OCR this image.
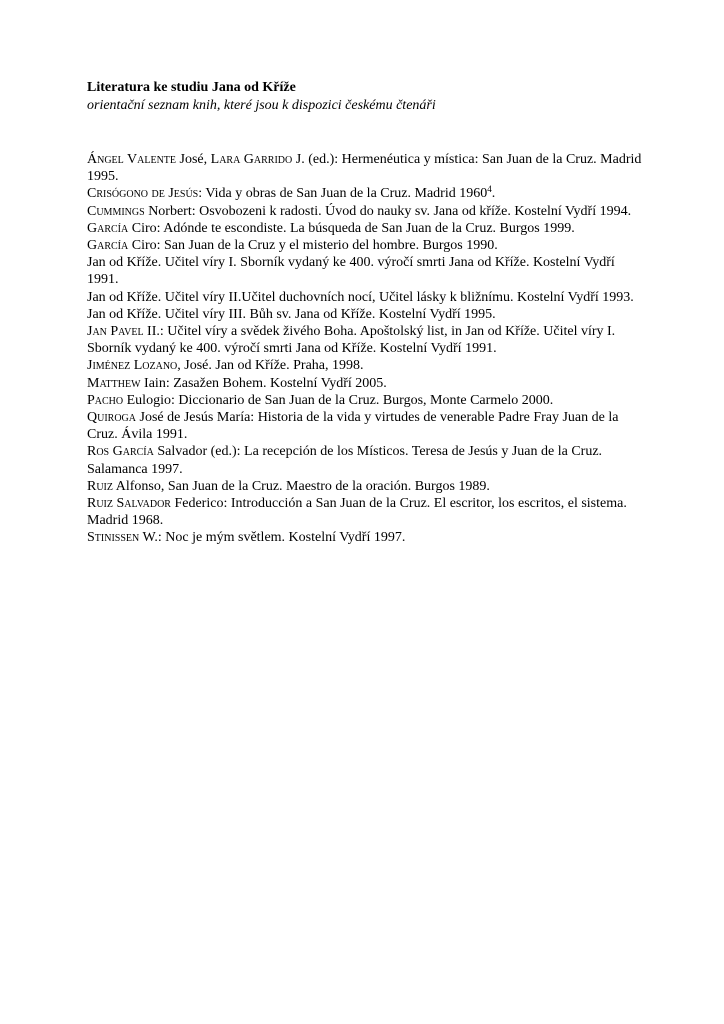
Literatura ke studiu Jana od Kříže

orientační seznam knih, které jsou k dispozici českému čtenáři

Ángel Valente José, Lara Garrido J. (ed.): Hermenéutica y mística: San Juan de la Cruz. Madrid 1995.

Crisógono de Jesús: Vida y obras de San Juan de la Cruz. Madrid 1960$^4$.

Cummings Norbert: Osvobozeni k radosti. Úvod do nauky sv. Jana od kříže. Kostelní Vydří 1994.

García Ciro: Adónde te escondiste. La búsqueda de San Juan de la Cruz. Burgos 1999.

García Ciro: San Juan de la Cruz y el misterio del hombre. Burgos 1990.

Jan od Kříže. Učitel víry I. Sborník vydaný ke 400. výročí smrti Jana od Kříže. Kostelní Vydří 1991.

Jan od Kříže. Učitel víry II.Učitel duchovních nocí, Učitel lásky k bližnímu. Kostelní Vydří 1993.

Jan od Kříže. Učitel víry III. Bůh sv. Jana od Kříže. Kostelní Vydří 1995.

Jan Pavel II.: Učitel víry a svědek živého Boha. Apoštolský list, in Jan od Kříže. Učitel víry I. Sborník vydaný ke 400. výročí smrti Jana od Kříže. Kostelní Vydří 1991.

Jiménez Lozano, José. Jan od Kříže. Praha, 1998.

Matthew Iain: Zasažen Bohem. Kostelní Vydří 2005.

Pacho Eulogio: Diccionario de San Juan de la Cruz. Burgos, Monte Carmelo 2000.

Quiroga José de Jesús María: Historia de la vida y virtudes de venerable Padre Fray Juan de la Cruz. Ávila 1991.

Ros García Salvador (ed.): La recepción de los Místicos. Teresa de Jesús y Juan de la Cruz. Salamanca 1997.

Ruiz Alfonso, San Juan de la Cruz. Maestro de la oración. Burgos 1989.

Ruiz Salvador Federico: Introducción a San Juan de la Cruz. El escritor, los escritos, el sistema. Madrid 1968.

Stinissen W.: Noc je mým světlem. Kostelní Vydří 1997.
